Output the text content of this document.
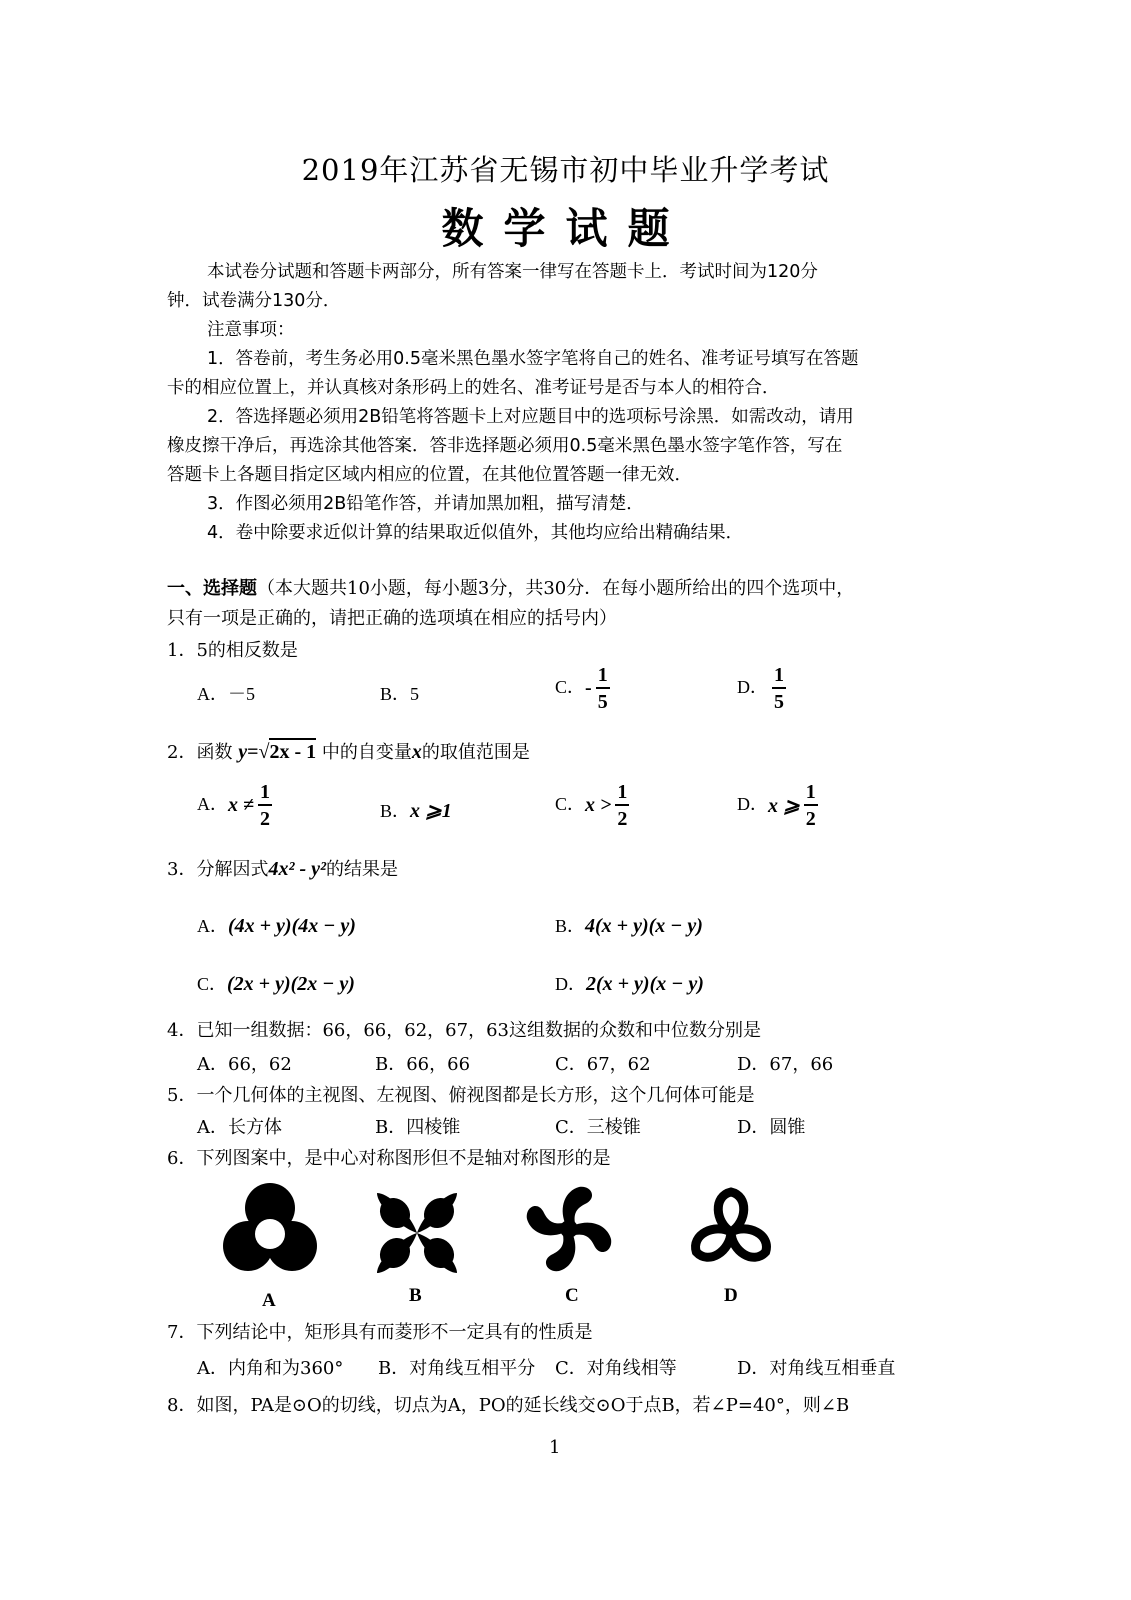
2019年江苏省无锡市初中毕业升学考试
数学试题
本试卷分试题和答题卡两部分，所有答案一律写在答题卡上．考试时间为120分
钟．试卷满分130分．
注意事项：
1．答卷前，考生务必用0.5毫米黑色墨水签字笔将自己的姓名、准考证号填写在答题
卡的相应位置上，并认真核对条形码上的姓名、准考证号是否与本人的相符合．
2．答选择题必须用2B铅笔将答题卡上对应题目中的选项标号涂黑．如需改动，请用
橡皮擦干净后，再选涂其他答案．答非选择题必须用0.5毫米黑色墨水签字笔作答，写在
答题卡上各题目指定区域内相应的位置，在其他位置答题一律无效．
3．作图必须用2B铅笔作答，并请加黑加粗，描写清楚．
4．卷中除要求近似计算的结果取近似值外，其他均应给出精确结果．
一、选择题（本大题共10小题，每小题3分，共30分．在每小题所给出的四个选项中，
只有一项是正确的，请把正确的选项填在相应的括号内）
1．5的相反数是
A．－5	B．5	C．- $\frac{1}{5}$	D． $\frac{1}{5}$
2．函数 y=√2x - 1 中的自变量x的取值范围是
A．$x \ne \frac{1}{2}$	B．x ⩾1	C．$x > \frac{1}{2}$	D．x ⩾ $\frac{1}{2}$
3．分解因式4x² - y²的结果是
A．(4x + y)(4x − y)	B．4(x + y)(x − y)
C．(2x + y)(2x − y)	D．2(x + y)(x − y)
4．已知一组数据：66，66，62，67，63这组数据的众数和中位数分别是
A．66，62	B．66，66	C．67，62	D．67，66
5．一个几何体的主视图、左视图、俯视图都是长方形，这个几何体可能是
A．长方体	B．四棱锥	C．三棱锥	D．圆锥
6．下列图案中，是中心对称图形但不是轴对称图形的是
A	B	C	D
7．下列结论中，矩形具有而菱形不一定具有的性质是
A．内角和为360° B．对角线互相平分 C．对角线相等	D．对角线互相垂直
8．如图，PA是⊙O的切线，切点为A，PO的延长线交⊙O于点B，若∠P=40°，则∠B
1
